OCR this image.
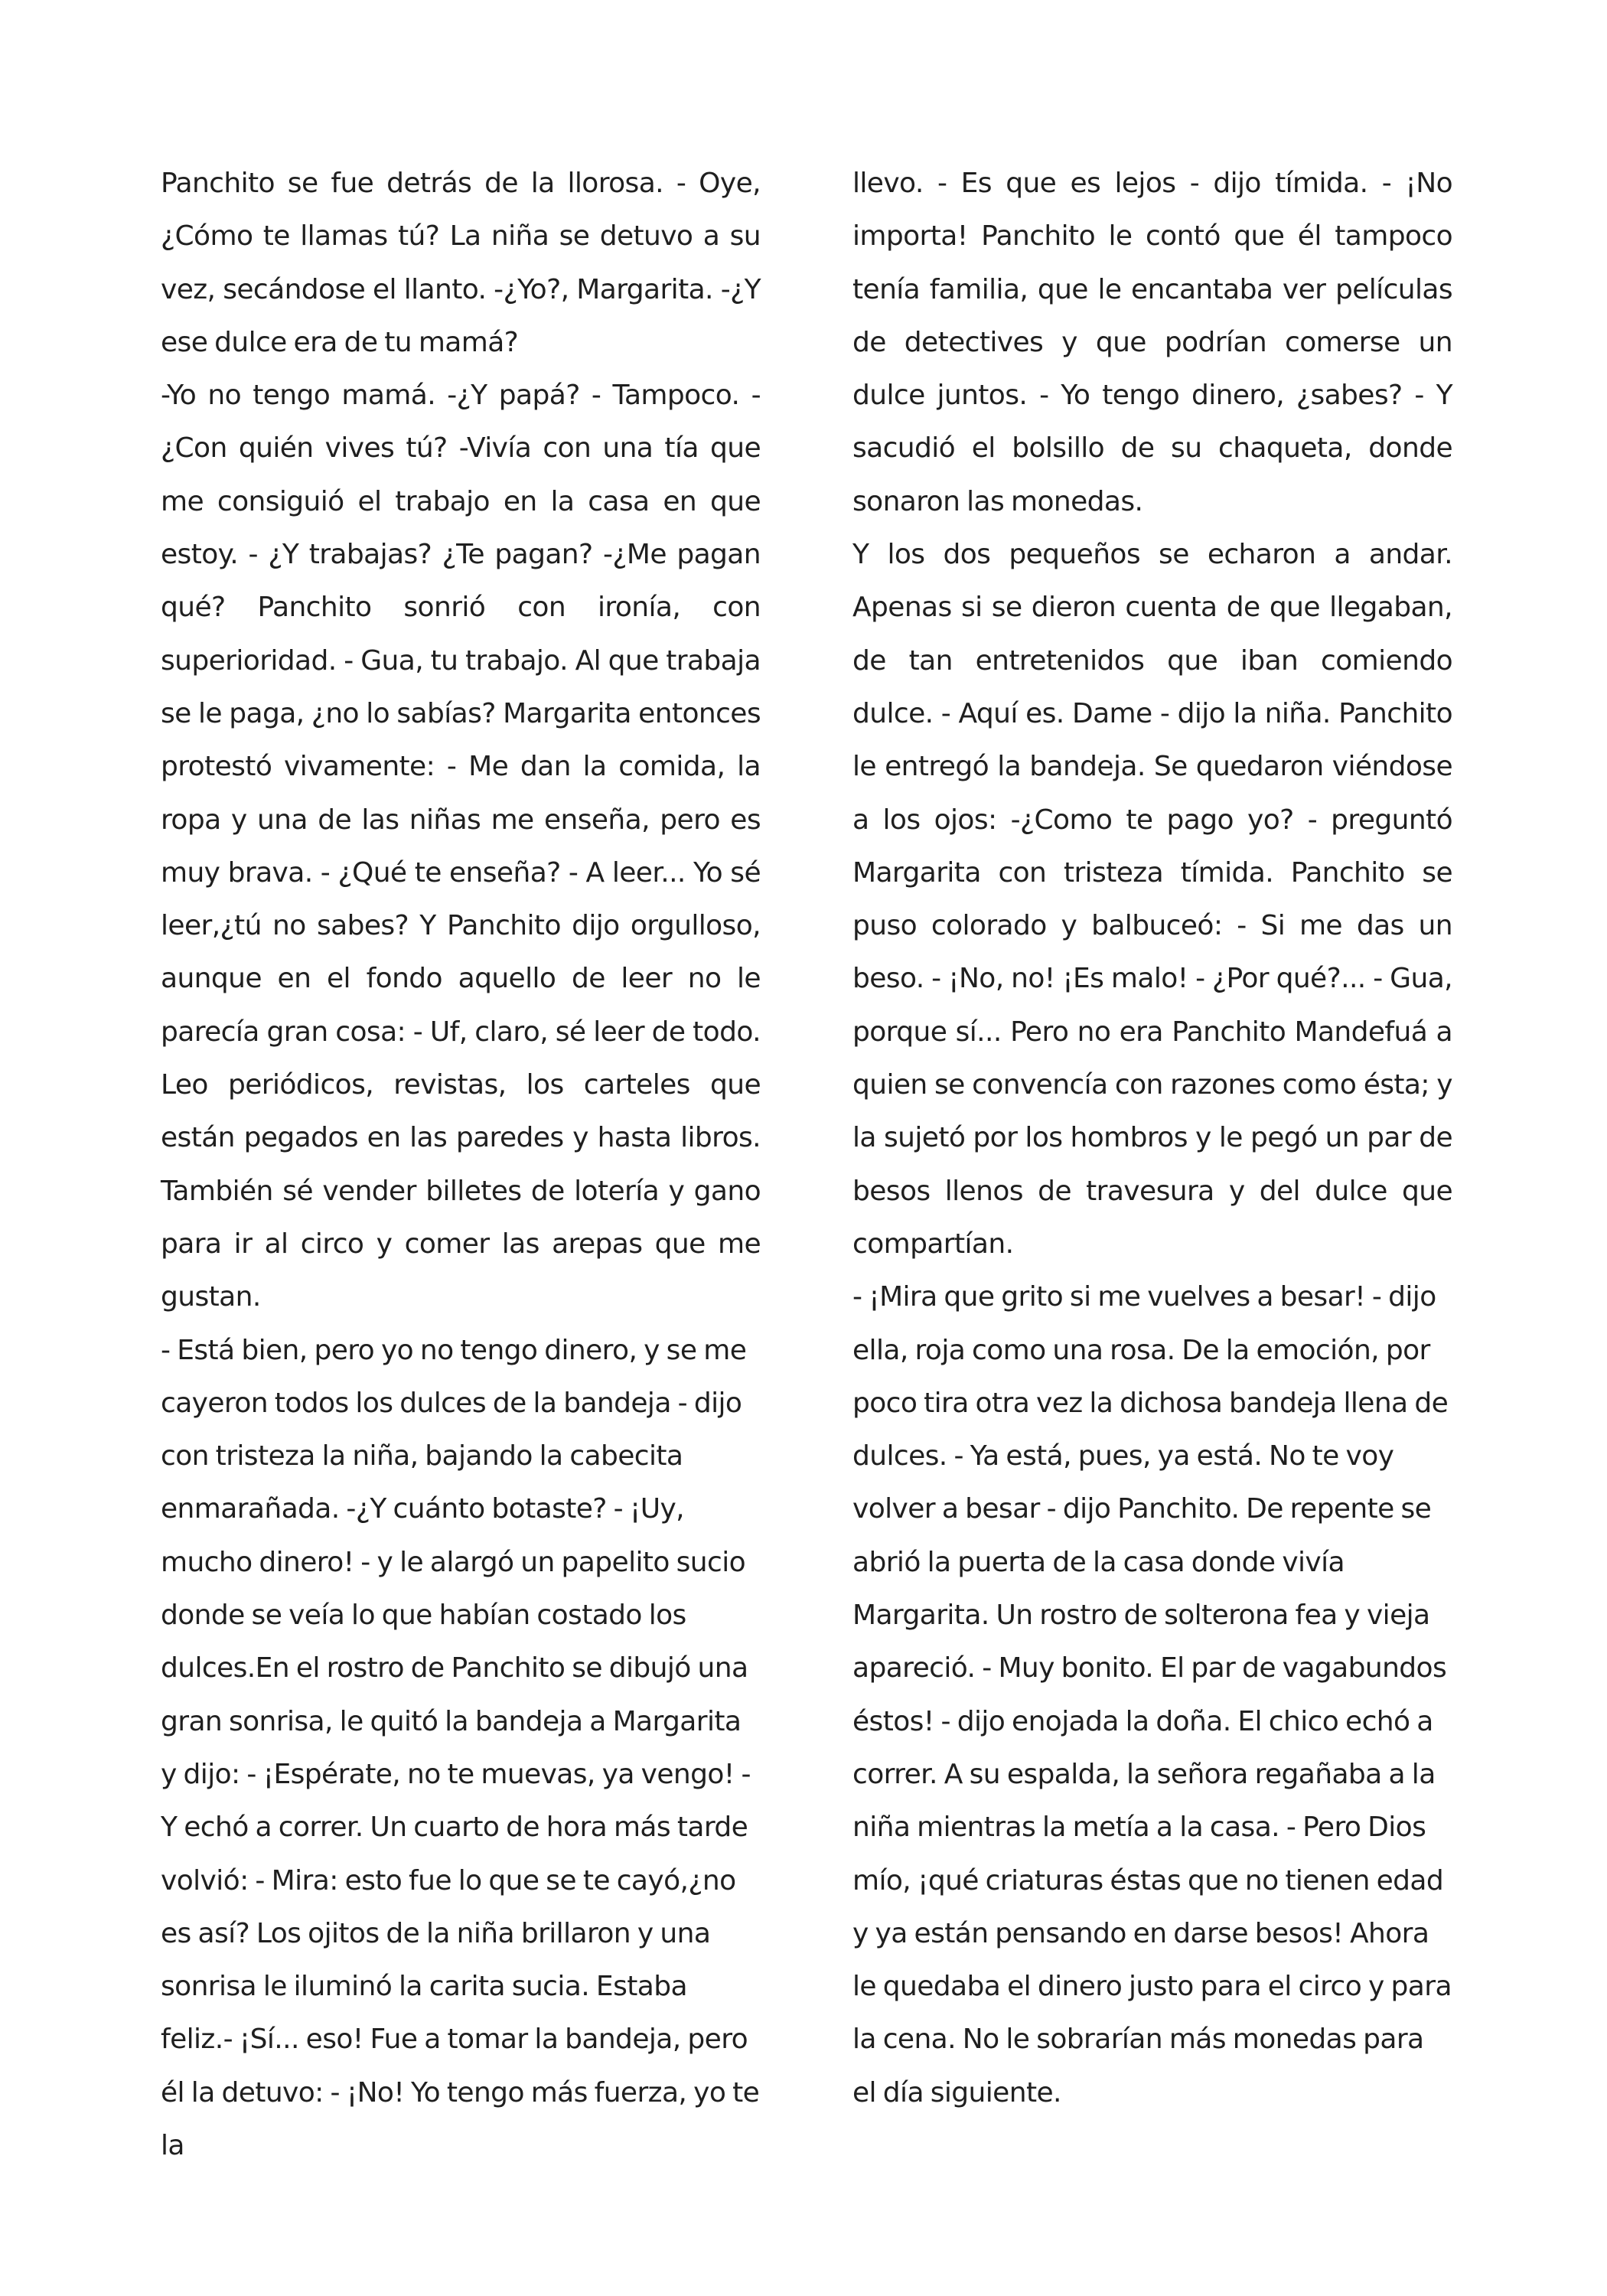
Panchito se fue detrás de la llorosa. - Oye, ¿Cómo te llamas tú? La niña se detuvo a su vez, secándose el llanto. -¿Yo?, Margarita. -¿Y ese dulce era de tu mamá?

-Yo no tengo mamá. -¿Y papá? - Tampoco. - ¿Con quién vives tú? -Vivía con una tía que me consiguió el trabajo en la casa en que estoy. - ¿Y trabajas? ¿Te pagan? -¿Me pagan qué? Panchito sonrió con ironía, con superioridad. - Gua, tu trabajo. Al que trabaja se le paga, ¿no lo sabías? Margarita entonces protestó vivamente: - Me dan la comida, la ropa y una de las niñas me enseña, pero es muy brava. - ¿Qué te enseña? - A leer... Yo sé leer,¿tú no sabes? Y Panchito dijo orgulloso, aunque en el fondo aquello de leer no le parecía gran cosa: - Uf, claro, sé leer de todo. Leo periódicos, revistas, los carteles que están pegados en las paredes y hasta libros. También sé vender billetes de lotería y gano para ir al circo y comer las arepas que me gustan.

- Está bien, pero yo no tengo dinero, y se me cayeron todos los dulces de la bandeja - dijo con tristeza la niña, bajando la cabecita enmarañada. -¿Y cuánto botaste? - ¡Uy, mucho dinero! - y le alargó un papelito sucio donde se veía lo que habían costado los dulces.En el rostro de Panchito se dibujó una gran sonrisa, le quitó la bandeja a Margarita y dijo: - ¡Espérate, no te muevas, ya vengo! - Y echó a correr. Un cuarto de hora más tarde volvió: - Mira: esto fue lo que se te cayó,¿no es así? Los ojitos de la niña brillaron y una sonrisa le iluminó la carita sucia. Estaba feliz.- ¡Sí... eso! Fue a tomar la bandeja, pero él la detuvo: - ¡No! Yo tengo más fuerza, yo te la

llevo. - Es que es lejos - dijo tímida. - ¡No importa! Panchito le contó que él tampoco tenía familia, que le encantaba ver películas de detectives y que podrían comerse un dulce juntos. - Yo tengo dinero, ¿sabes? - Y sacudió el bolsillo de su chaqueta, donde sonaron las monedas.

Y los dos pequeños se echaron a andar. Apenas si se dieron cuenta de que llegaban, de tan entretenidos que iban comiendo dulce. - Aquí es. Dame - dijo la niña. Panchito le entregó la bandeja. Se quedaron viéndose a los ojos: -¿Como te pago yo? - preguntó Margarita con tristeza tímida. Panchito se puso colorado y balbuceó: - Si me das un beso. - ¡No, no! ¡Es malo! - ¿Por qué?... - Gua, porque sí... Pero no era Panchito Mandefuá a quien se convencía con razones como ésta; y la sujetó por los hombros y le pegó un par de besos llenos de travesura y del dulce que compartían.

- ¡Mira que grito si me vuelves a besar! - dijo ella, roja como una rosa. De la emoción, por poco tira otra vez la dichosa bandeja llena de dulces. - Ya está, pues, ya está. No te voy volver a besar - dijo Panchito. De repente se abrió la puerta de la casa donde vivía Margarita. Un rostro de solterona fea y vieja apareció. - Muy bonito. El par de vagabundos éstos! - dijo enojada la doña. El chico echó a correr. A su espalda, la señora regañaba a la niña mientras la metía a la casa. - Pero Dios mío, ¡qué criaturas éstas que no tienen edad y ya están pensando en darse besos! Ahora le quedaba el dinero justo para el circo y para la cena. No le sobrarían más monedas para el día siguiente.
